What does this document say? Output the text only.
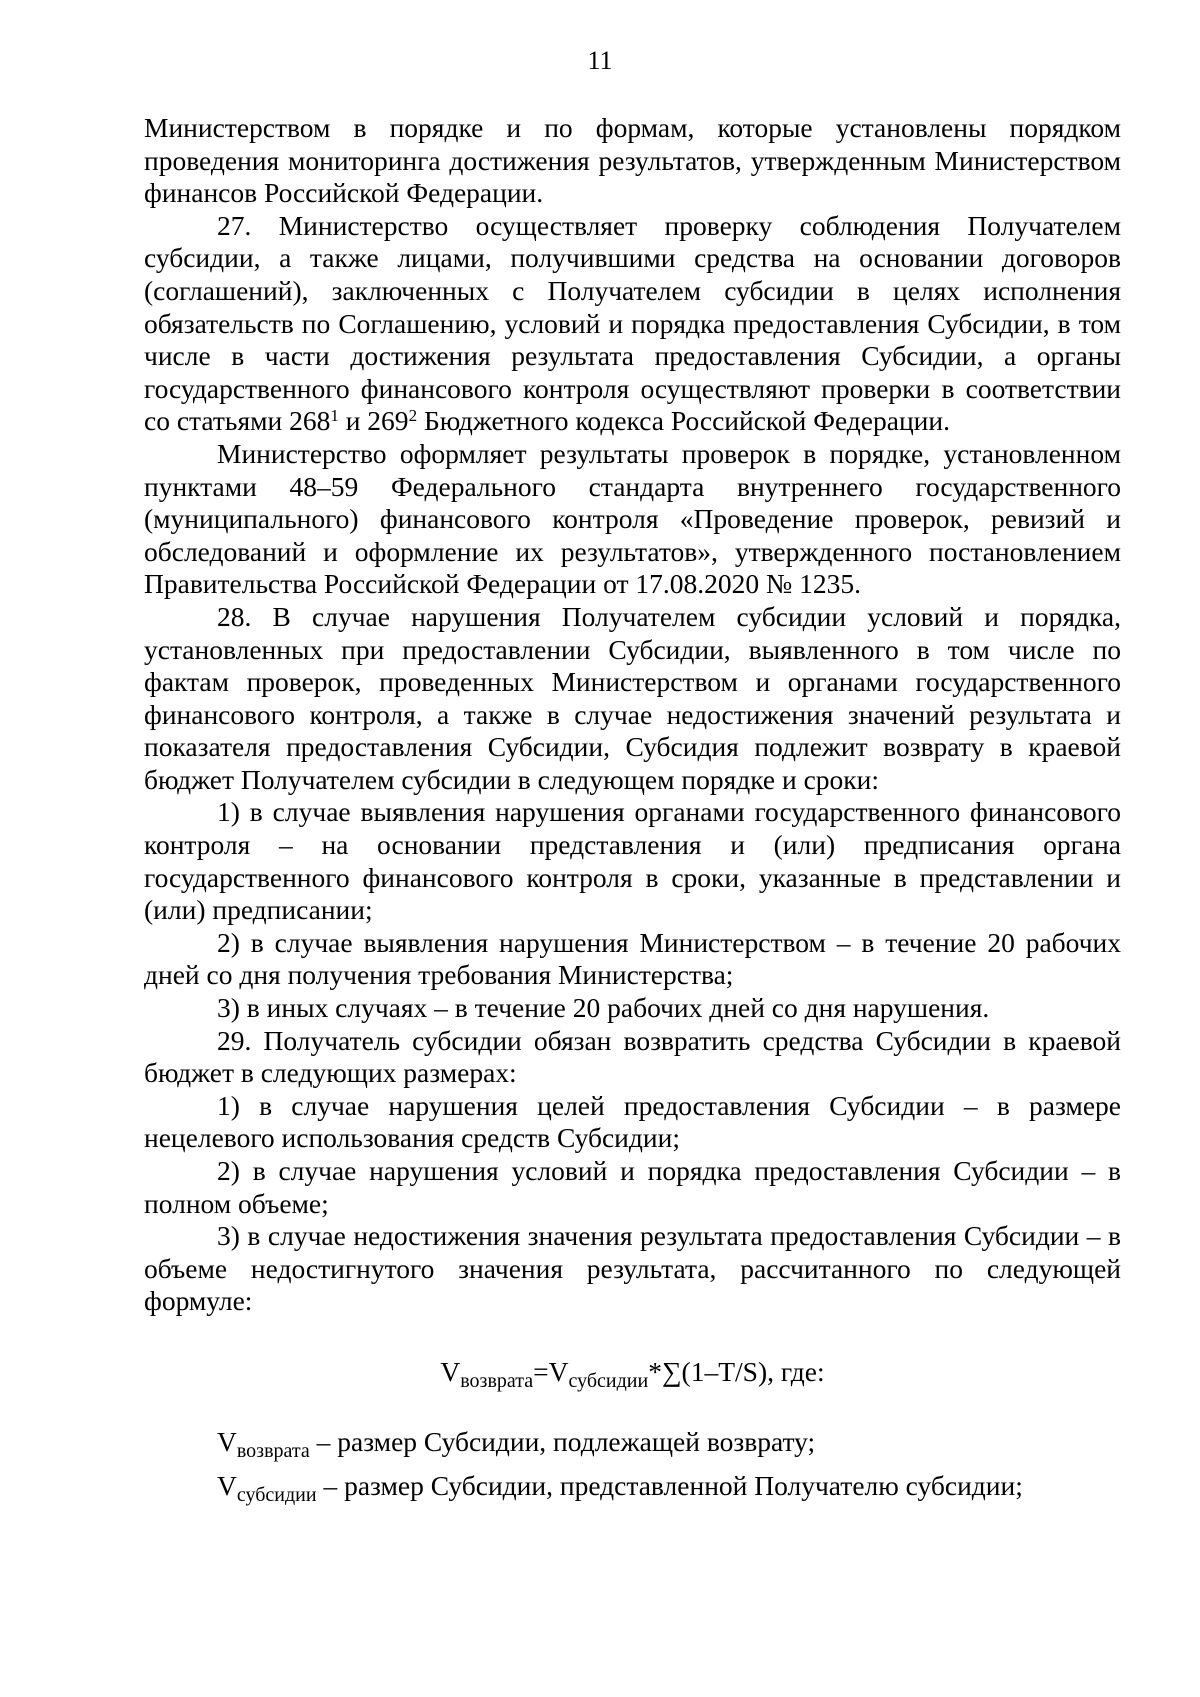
11

Министерством в порядке и по формам, которые установлены порядком проведения мониторинга достижения результатов, утвержденным Министерством финансов Российской Федерации.

27. Министерство осуществляет проверку соблюдения Получателем субсидии, а также лицами, получившими средства на основании договоров (соглашений), заключенных с Получателем субсидии в целях исполнения обязательств по Соглашению, условий и порядка предоставления Субсидии, в том числе в части достижения результата предоставления Субсидии, а органы государственного финансового контроля осуществляют проверки в соответствии со статьями $268^1$ и $269^2$ Бюджетного кодекса Российской Федерации.

Министерство оформляет результаты проверок в порядке, установленном пунктами 48–59 Федерального стандарта внутреннего государственного (муниципального) финансового контроля «Проведение проверок, ревизий и обследований и оформление их результатов», утвержденного постановлением Правительства Российской Федерации от 17.08.2020 № 1235.

28. В случае нарушения Получателем субсидии условий и порядка, установленных при предоставлении Субсидии, выявленного в том числе по фактам проверок, проведенных Министерством и органами государственного финансового контроля, а также в случае недостижения значений результата и показателя предоставления Субсидии, Субсидия подлежит возврату в краевой бюджет Получателем субсидии в следующем порядке и сроки:

1) в случае выявления нарушения органами государственного финансового контроля – на основании представления и (или) предписания органа государственного финансового контроля в сроки, указанные в представлении и (или) предписании;

2) в случае выявления нарушения Министерством – в течение 20 рабочих дней со дня получения требования Министерства;

3) в иных случаях – в течение 20 рабочих дней со дня нарушения.

29. Получатель субсидии обязан возвратить средства Субсидии в краевой бюджет в следующих размерах:

1) в случае нарушения целей предоставления Субсидии – в размере нецелевого использования средств Субсидии;

2) в случае нарушения условий и порядка предоставления Субсидии – в полном объеме;

3) в случае недостижения значения результата предоставления Субсидии – в объеме недостигнутого значения результата, рассчитанного по следующей формуле:

$V_{возврата}=V_{субсидии}*\sum(1-T/S)$, где:
$V_{возврата}$ – размер Субсидии, подлежащей возврату;
$V_{субсидии}$ – размер Субсидии, представленной Получателю субсидии;
